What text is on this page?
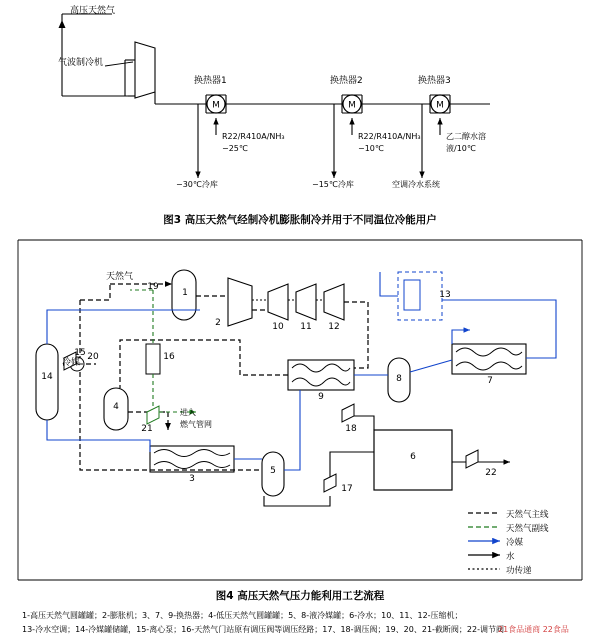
M	M	M
高压天然气
气波制冷机
换热器1
R22/R410A/NH₃
−25℃
−30℃冷库
换热器2
R22/R410A/NH₃
−10℃
−15℃冷库
换热器3
乙二醇水溶
液/10℃
空调冷水系统
图3 高压天然气经制冷机膨胀制冷并用于不同温位冷能用户
天然气
冷媒
进入
燃气管网
1
2
3
4
5
6
7
8
9
10 11 12
13
14
15	16
17
18
19
20
21
22
天然气主线
天然气副线
冷媒
水
功传递
图4 高压天然气压力能利用工艺流程
1-高压天然气圆罐罐；2-膨胀机；3、7、9-换热器；4-低压天然气圆罐罐；5、8-液冷媒罐；6-冷水；10、11、12-压缩机；
13-冷水空调；14-冷媒罐储罐，15-离心泵；16-天然气门站原有调压阀等调压经路；17、18-调压阀；19、20、21-截断阀；22-调节阀
21食品通商 22食品
